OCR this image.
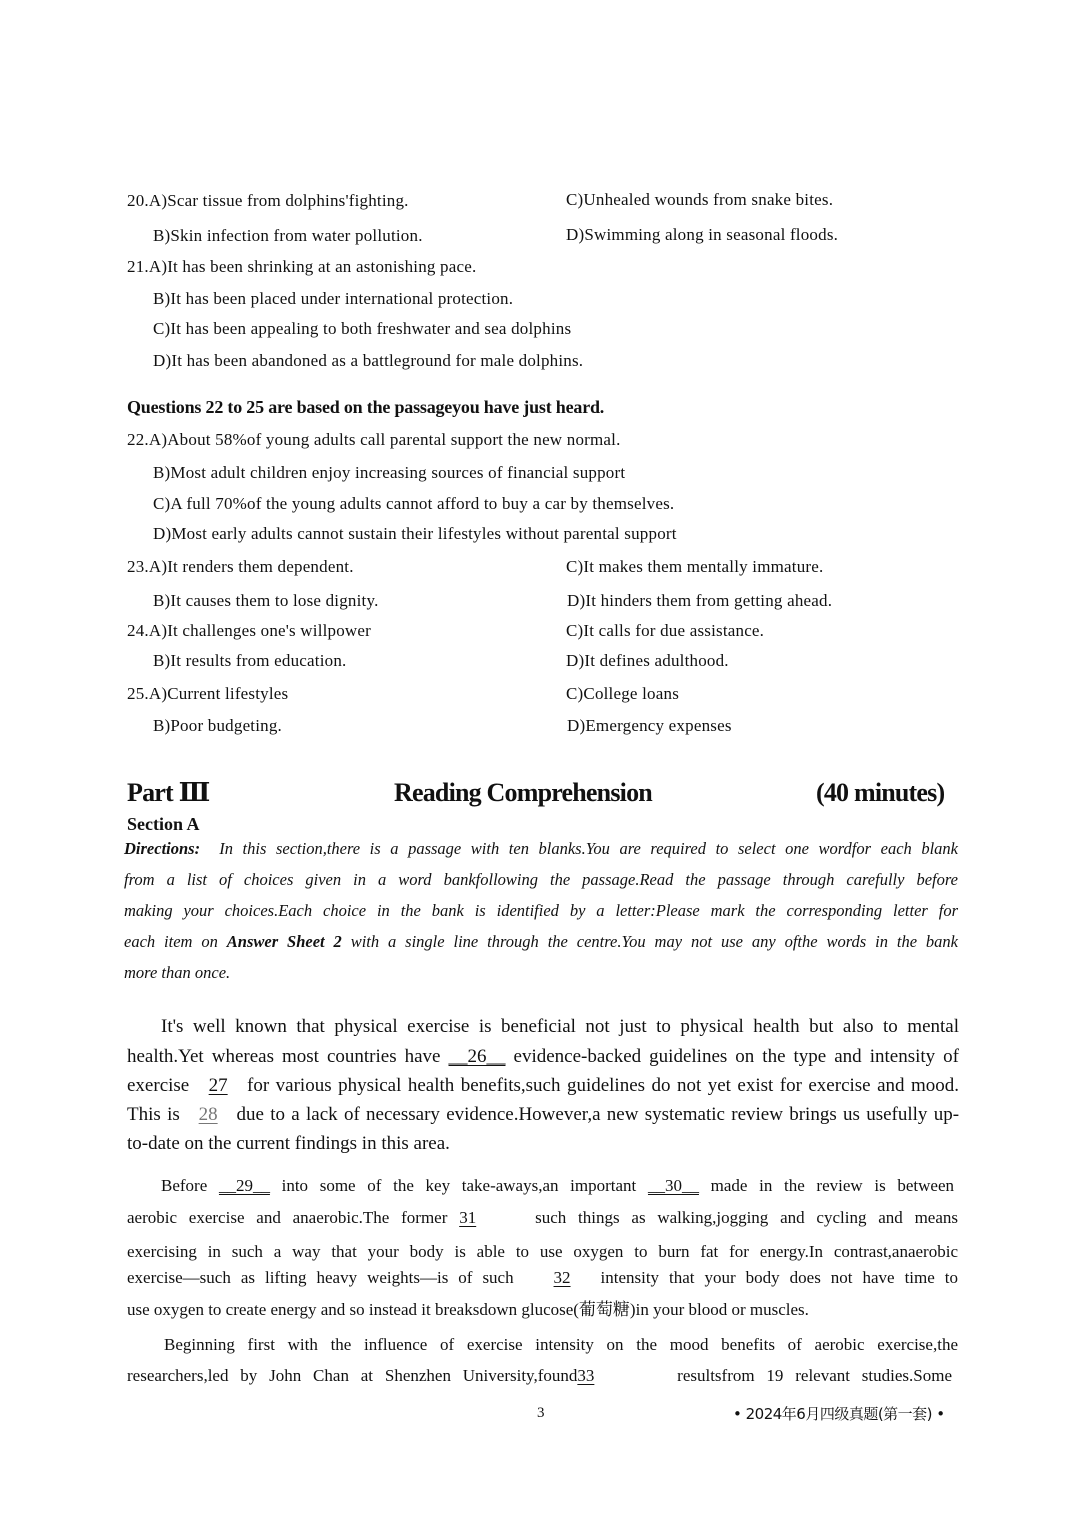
20.A)Scar tissue from dolphins'fighting.	C)Unhealed wounds from snake bites.
B)Skin infection from water pollution.	D)Swimming along in seasonal floods.
21.A)It has been shrinking at an astonishing pace.
B)It has been placed under international protection.
C)It has been appealing to both freshwater and sea dolphins
D)It has been abandoned as a battleground for male dolphins.
Questions 22 to 25 are based on the passageyou have just heard.
22.A)About 58%of young adults call parental support the new normal.
B)Most adult children enjoy increasing sources of financial support
C)A full 70%of the young adults cannot afford to buy a car by themselves.
D)Most early adults cannot sustain their lifestyles without parental support
23.A)It renders them dependent.	C)It makes them mentally immature.
B)It causes them to lose dignity.	D)It hinders them from getting ahead.
24.A)It challenges one's willpower	C)It calls for due assistance.
B)It results from education.	D)It defines adulthood.
25.A)Current lifestyles	C)College loans
B)Poor budgeting.	D)Emergency expenses
Part Ⅲ	Reading Comprehension	(40 minutes)
Section A
Directions: In this section,there is a passage with ten blanks.You are required to select one wordfor each blank
from a list of choices given in a word bankfollowing the passage.Read the passage through carefully before
making your choices.Each choice in the bank is identified by a letter:Please mark the corresponding letter for
each item on Answer Sheet 2 with a single line through the centre.You may not use any ofthe words in the bank
more than once.
It's well known that physical exercise is beneficial not just to physical health but also to mental
health.Yet whereas most countries have __26__ evidence-backed guidelines on the type and intensity of
exercise 27 for various physical health benefits,such guidelines do not yet exist for exercise and mood.
This is 28 due to a lack of necessary evidence.However,a new systematic review brings us usefully up-
to-date on the current findings in this area.
Before __29__ into some of the key take-aways,an important __30__ made in the review is between
aerobic exercise and anaerobic.The former 31	such things as walking,jogging and cycling and means
exercising in such a way that your body is able to use oxygen to burn fat for energy.In contrast,anaerobic
exercise—such as lifting heavy weights—is of such 32 intensity that your body does not have time to
use oxygen to create energy and so instead it breaksdown glucose(葡萄糖)in your blood or muscles.
Beginning first with the influence of exercise intensity on the mood benefits of aerobic exercise,the
researchers,led by John Chan at Shenzhen University,found33	resultsfrom 19 relevant studies.Some
3	• 2024年6月四级真题(第一套) •
